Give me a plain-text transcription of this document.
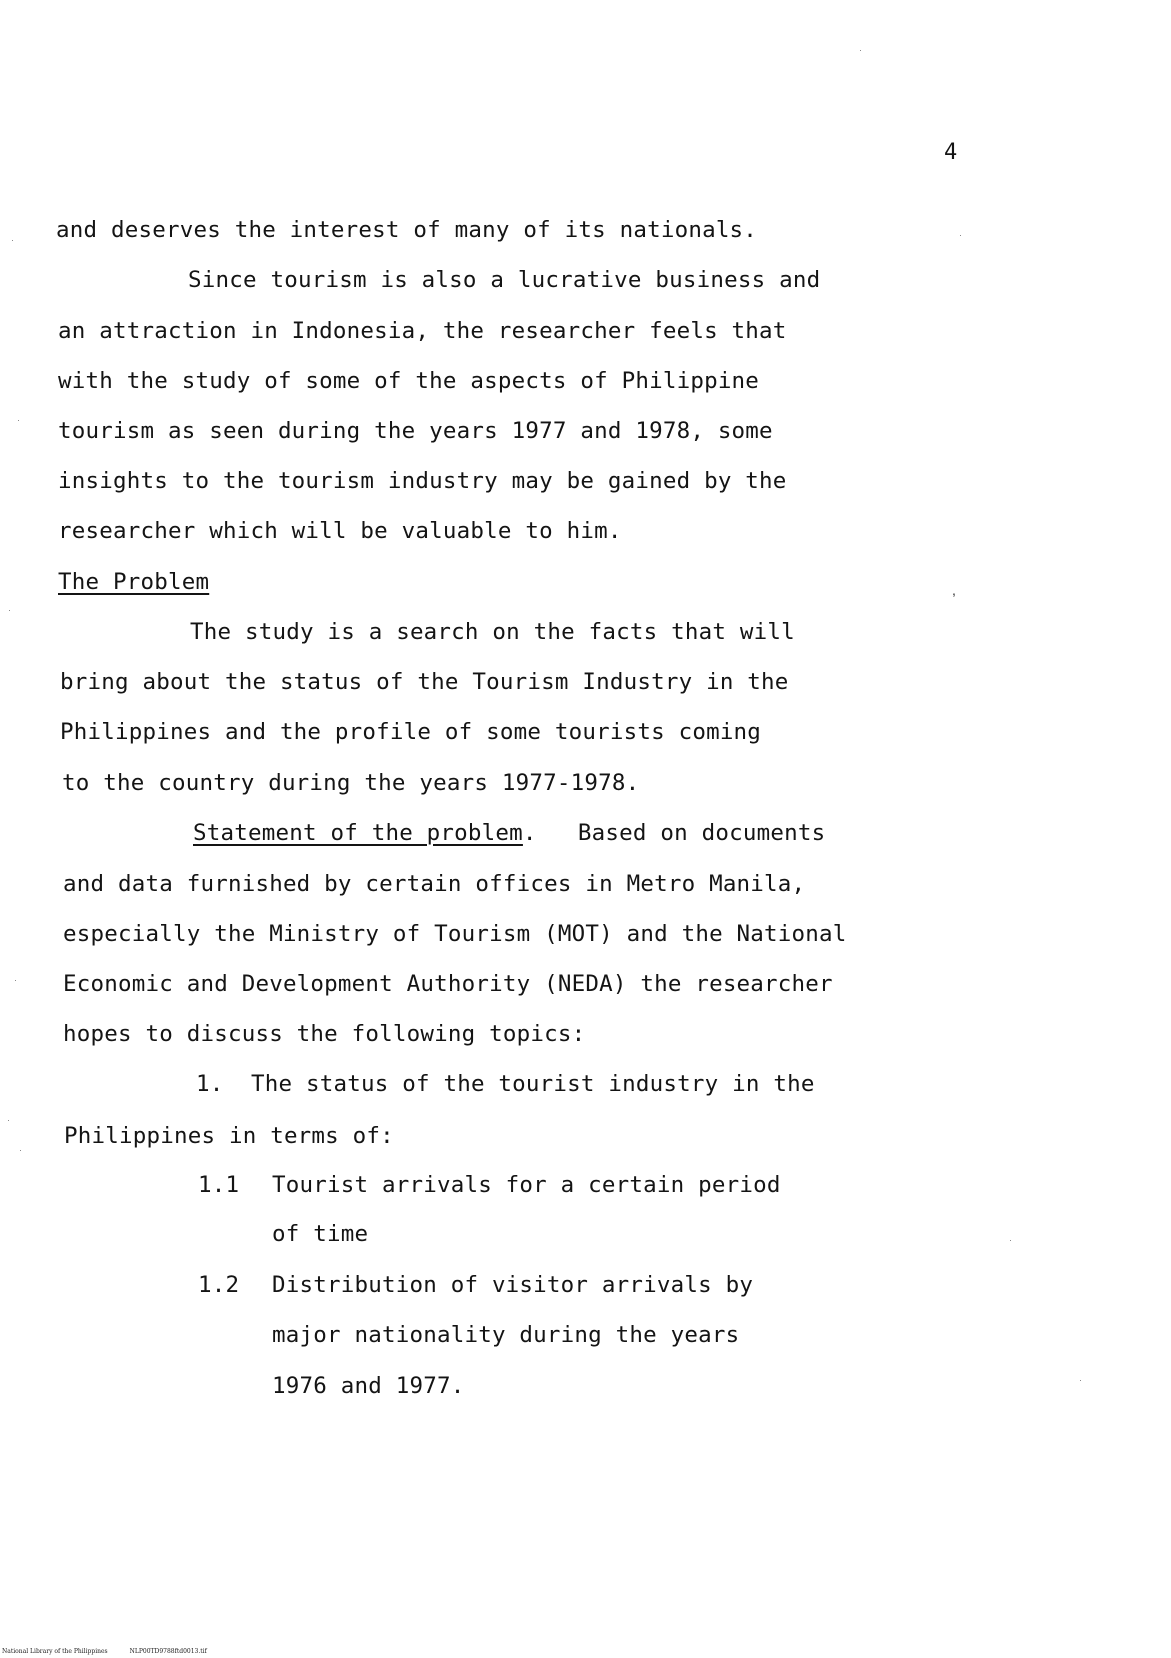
4
and deserves the interest of many of its nationals.
Since tourism is also a lucrative business and
an attraction in Indonesia, the researcher feels that
with the study of some of the aspects of Philippine
tourism as seen during the years 1977 and 1978, some
insights to the tourism industry may be gained by the
researcher which will be valuable to him.
The Problem	,
The study is a search on the facts that will
bring about the status of the Tourism Industry in the
Philippines and the profile of some tourists coming
to the country during the years 1977-1978.
Statement of the problem. Based on documents
and data furnished by certain offices in Metro Manila,
especially the Ministry of Tourism (MOT) and the National
Economic and Development Authority (NEDA) the researcher
hopes to discuss the following topics:
1. The status of the tourist industry in the
Philippines in terms of:
1.1 Tourist arrivals for a certain period
of time
1.2 Distribution of visitor arrivals by
major nationality during the years
1976 and 1977.
National Library of the Philippines	NLP00TD9788ftd0013.tif
